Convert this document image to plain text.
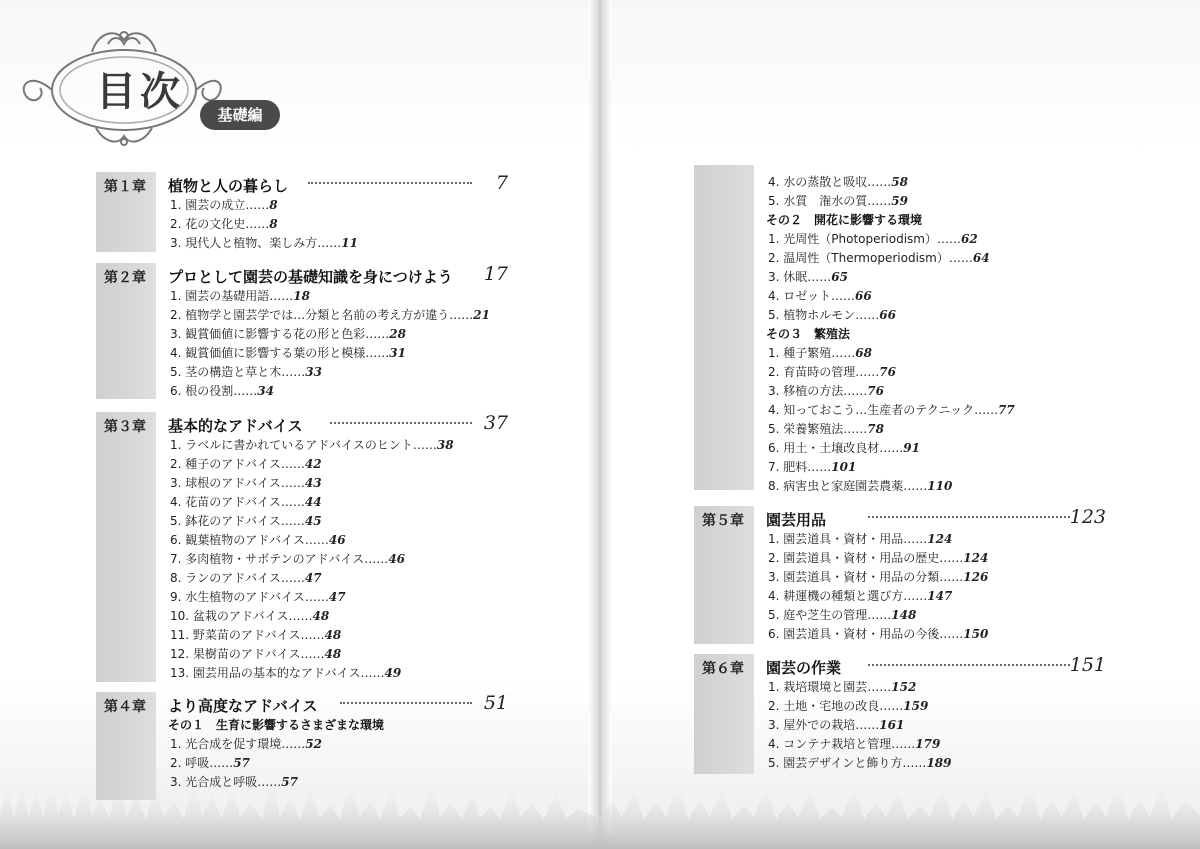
目次	基礎編
第１章 植物と人の暮らし	7
1. 園芸の成立……8
2. 花の文化史……8
3. 現代人と植物、楽しみ方……11
第２章 プロとして園芸の基礎知識を身につけよう 17
1. 園芸の基礎用語……18
2. 植物学と園芸学では…分類と名前の考え方が違う……21
3. 観賞価値に影響する花の形と色彩……28
4. 観賞価値に影響する葉の形と模様……31
5. 茎の構造と草と木……33
6. 根の役割……34
第３章 基本的なアドバイス	37
1. ラベルに書かれているアドバイスのヒント……38
2. 種子のアドバイス……42
3. 球根のアドバイス……43
4. 花苗のアドバイス……44
5. 鉢花のアドバイス……45
6. 観葉植物のアドバイス……46
7. 多肉植物・サボテンのアドバイス……46
8. ランのアドバイス……47
9. 水生植物のアドバイス……47
10. 盆栽のアドバイス……48
11. 野菜苗のアドバイス……48
12. 果樹苗のアドバイス……48
13. 園芸用品の基本的なアドバイス……49
第４章 より高度なアドバイス	51
その１　生育に影響するさまざまな環境
1. 光合成を促す環境……52
2. 呼吸……57
3. 光合成と呼吸……57
4. 水の蒸散と吸収……58
5. 水質　潅水の質……59
その２　開花に影響する環境
1. 光周性（Photoperiodism）……62
2. 温周性（Thermoperiodism）……64
3. 休眠……65
4. ロゼット……66
5. 植物ホルモン……66
その３　繁殖法
1. 種子繁殖……68
2. 育苗時の管理……76
3. 移植の方法……76
4. 知っておこう…生産者のテクニック……77
5. 栄養繁殖法……78
6. 用土・土壌改良材……91
7. 肥料……101
8. 病害虫と家庭園芸農薬……110
第５章 園芸用品	123
1. 園芸道具・資材・用品……124
2. 園芸道具・資材・用品の歴史……124
3. 園芸道具・資材・用品の分類……126
4. 耕運機の種類と選び方……147
5. 庭や芝生の管理……148
6. 園芸道具・資材・用品の今後……150
第６章 園芸の作業	151
1. 栽培環境と園芸……152
2. 土地・宅地の改良……159
3. 屋外での栽培……161
4. コンテナ栽培と管理……179
5. 園芸デザインと飾り方……189
